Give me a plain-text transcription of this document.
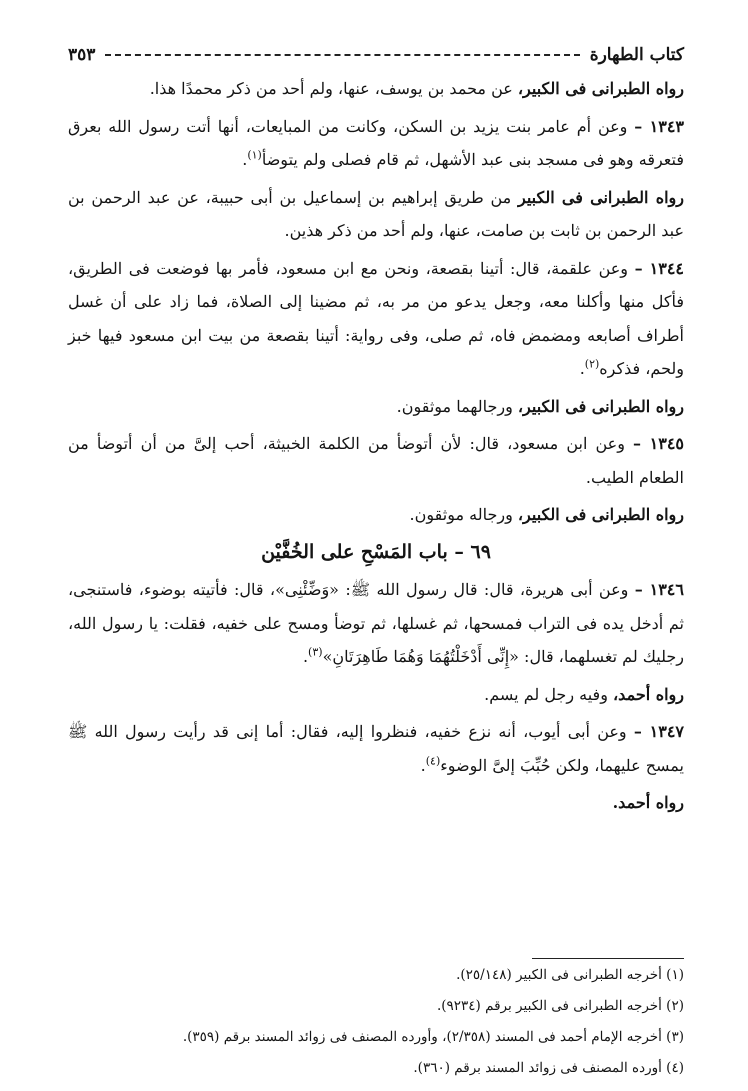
كتاب الطهارة
٣٥٣

رواه الطبرانى فى الكبير، عن محمد بن يوسف، عنها، ولم أحد من ذكر محمدًا هذا.

١٣٤٣ – وعن أم عامر بنت يزيد بن السكن، وكانت من المبايعات، أنها أتت رسول الله بعرق فتعرقه وهو فى مسجد بنى عبد الأشهل، ثم قام فصلى ولم يتوضأ$^{(١)}$.

رواه الطبرانى فى الكبير من طريق إبراهيم بن إسماعيل بن أبى حبيبة، عن عبد الرحمن بن عبد الرحمن بن ثابت بن صامت، عنها، ولم أحد من ذكر هذين.

١٣٤٤ – وعن علقمة، قال: أتينا بقصعة، ونحن مع ابن مسعود، فأمر بها فوضعت فى الطريق، فأكل منها وأكلنا معه، وجعل يدعو من مر به، ثم مضينا إلى الصلاة، فما زاد على أن غسل أطراف أصابعه ومضمض فاه، ثم صلى، وفى رواية: أتينا بقصعة من بيت ابن مسعود فيها خبز ولحم، فذكره$^{(٢)}$.

رواه الطبرانى فى الكبير، ورجالهما موثقون.

١٣٤٥ – وعن ابن مسعود، قال: لأن أتوضأ من الكلمة الخبيثة، أحب إلىَّ من أن أتوضأ من الطعام الطيب.

رواه الطبرانى فى الكبير، ورجاله موثقون.

٦٩ – باب المَسْحِ على الخُفَّيْن

١٣٤٦ – وعن أبى هريرة، قال: قال رسول الله ﷺ: «وَضِّئْنِى»، قال: فأتيته بوضوء، فاستنجى، ثم أدخل يده فى التراب فمسحها، ثم غسلها، ثم توضأ ومسح على خفيه، فقلت: يا رسول الله، رجليك لم تغسلهما، قال: «إِنِّى أَدْخَلْتُهُمَا وَهُمَا طَاهِرَتَانِ»$^{(٣)}$.

رواه أحمد، وفيه رجل لم يسم.

١٣٤٧ – وعن أبى أيوب، أنه نزع خفيه، فنظروا إليه، فقال: أما إنى قد رأيت رسول الله ﷺ يمسح عليهما، ولكن حُبِّبَ إلىَّ الوضوء$^{(٤)}$.

رواه أحمد.

(١) أخرجه الطبرانى فى الكبير (٢٥/١٤٨).
(٢) أخرجه الطبرانى فى الكبير برقم (٩٢٣٤).
(٣) أخرجه الإمام أحمد فى المسند (٢/٣٥٨)، وأورده المصنف فى زوائد المسند برقم (٣٥٩).
(٤) أورده المصنف فى زوائد المسند برقم (٣٦٠).
